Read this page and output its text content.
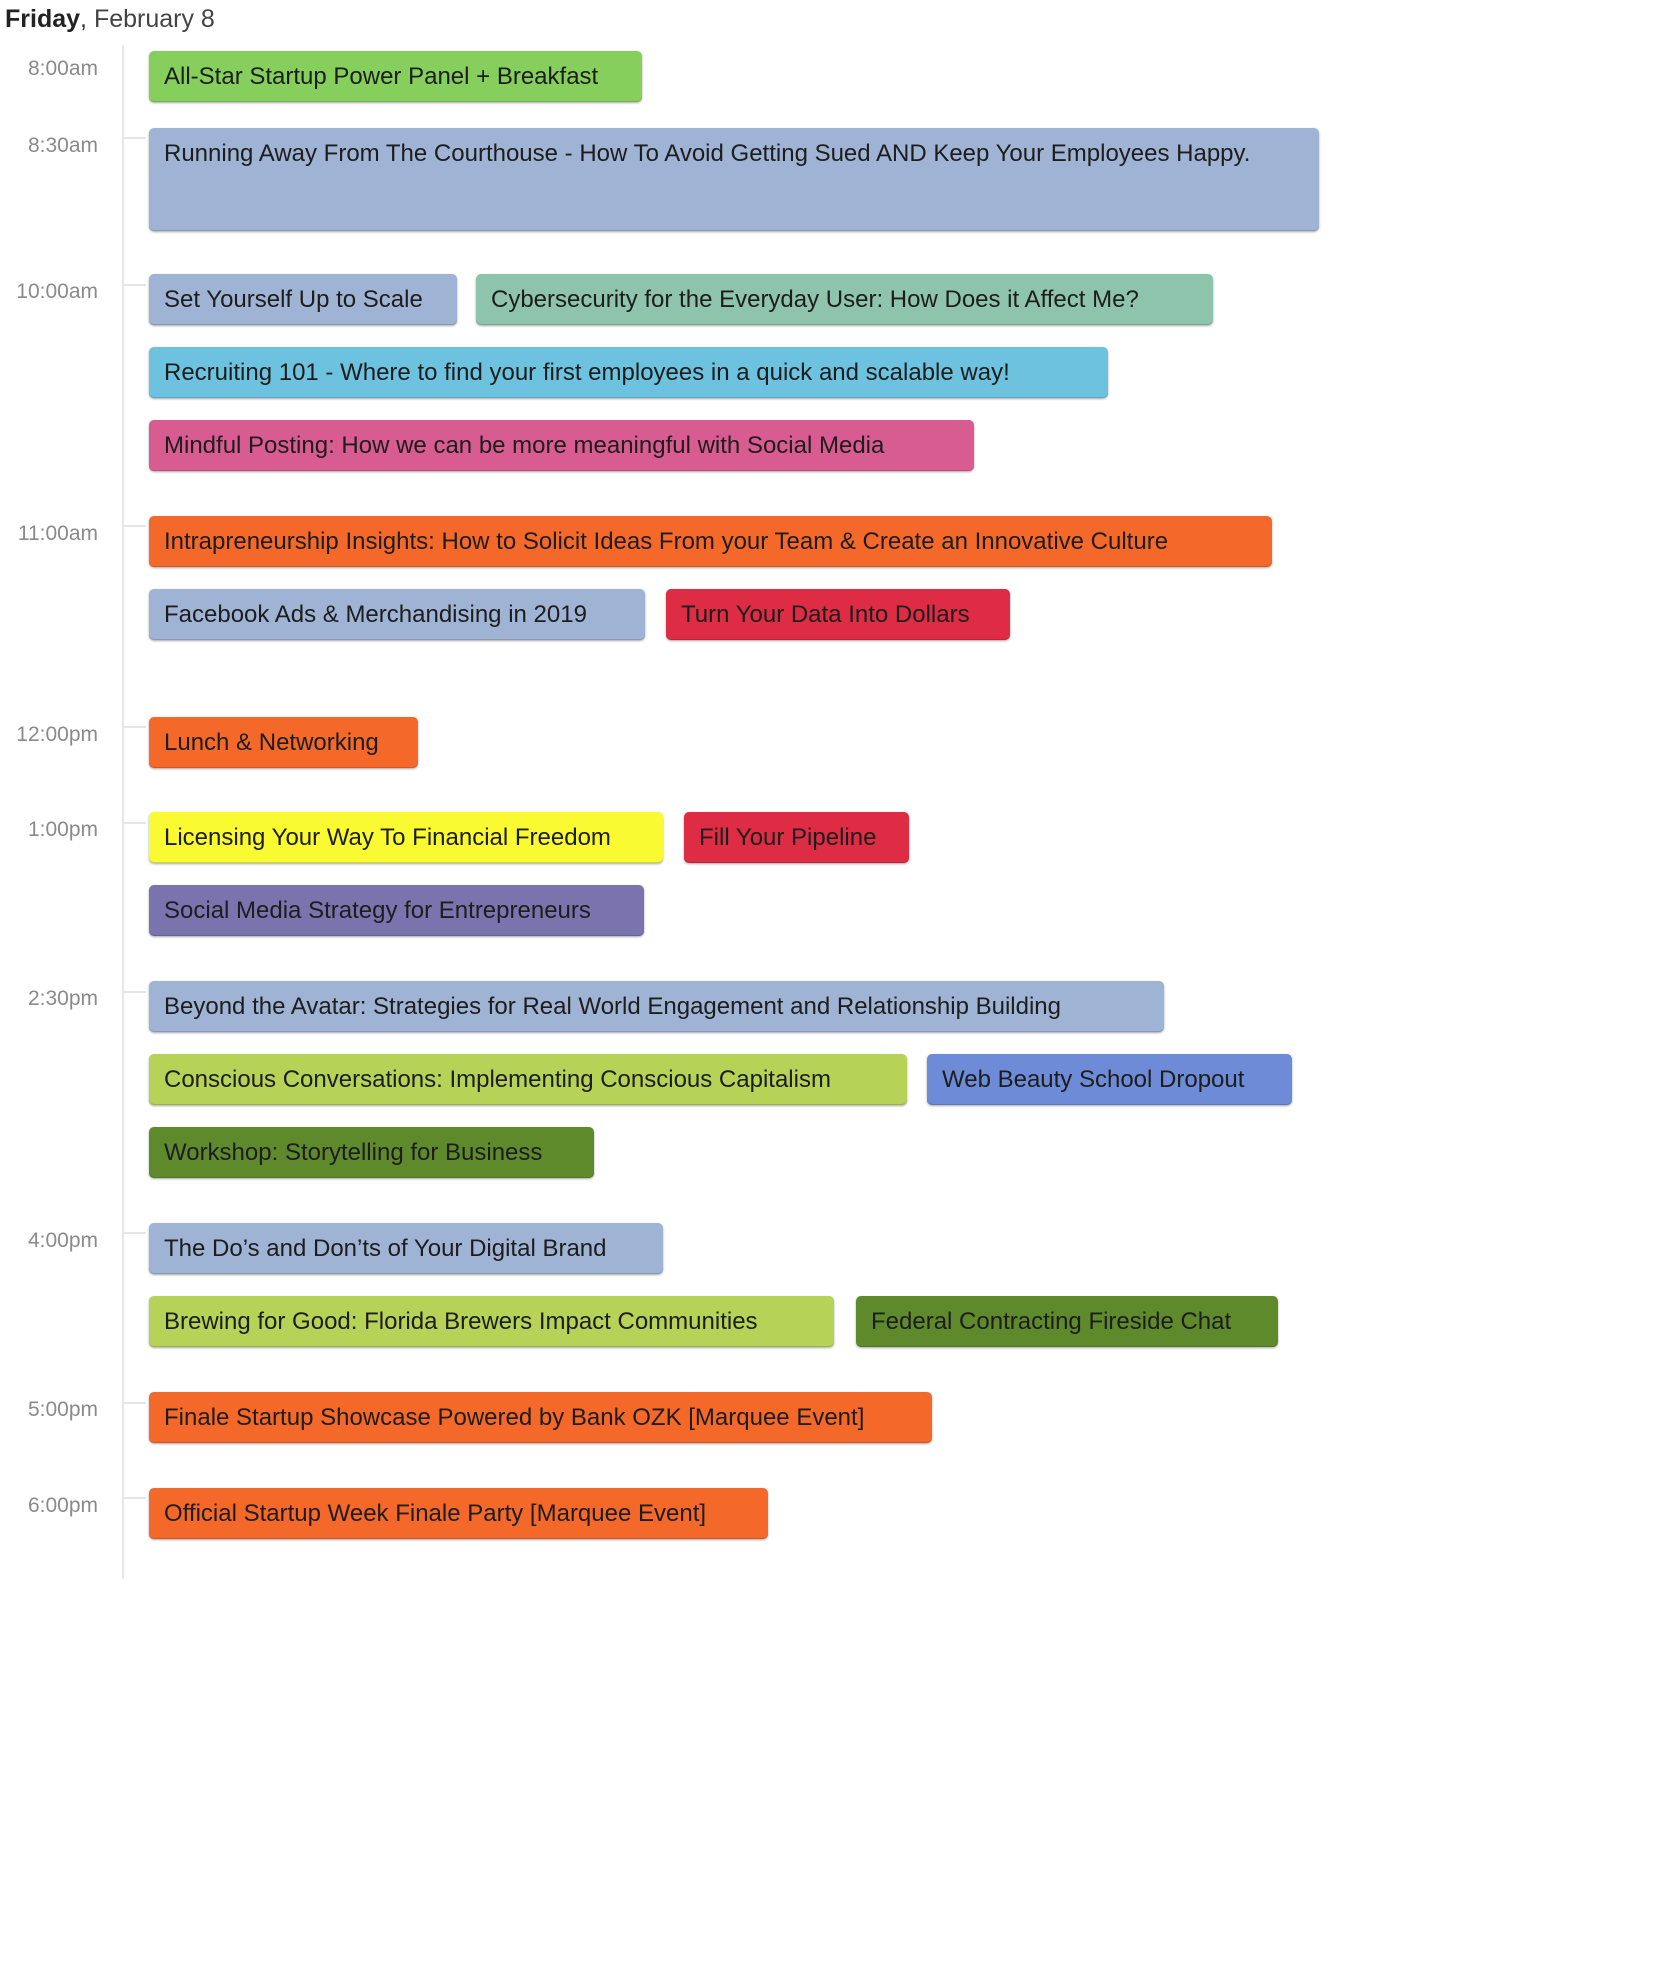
Friday, February 8
8:00am	All-Star Startup Power Panel + Breakfast
8:30am	Running Away From The Courthouse - How To Avoid Getting Sued AND Keep Your Employees Happy.
10:00am	Set Yourself Up to Scale	Cybersecurity for the Everyday User: How Does it Affect Me?
Recruiting 101 - Where to find your first employees in a quick and scalable way!
Mindful Posting: How we can be more meaningful with Social Media
11:00am	Intrapreneurship Insights: How to Solicit Ideas From your Team & Create an Innovative Culture
Facebook Ads & Merchandising in 2019	Turn Your Data Into Dollars
12:00pm	Lunch & Networking
1:00pm	Licensing Your Way To Financial Freedom	Fill Your Pipeline
Social Media Strategy for Entrepreneurs
2:30pm	Beyond the Avatar: Strategies for Real World Engagement and Relationship Building
Conscious Conversations: Implementing Conscious Capitalism	Web Beauty School Dropout
Workshop: Storytelling for Business
4:00pm	The Do’s and Don’ts of Your Digital Brand
Brewing for Good: Florida Brewers Impact Communities	Federal Contracting Fireside Chat
5:00pm	Finale Startup Showcase Powered by Bank OZK [Marquee Event]
6:00pm	Official Startup Week Finale Party [Marquee Event]
